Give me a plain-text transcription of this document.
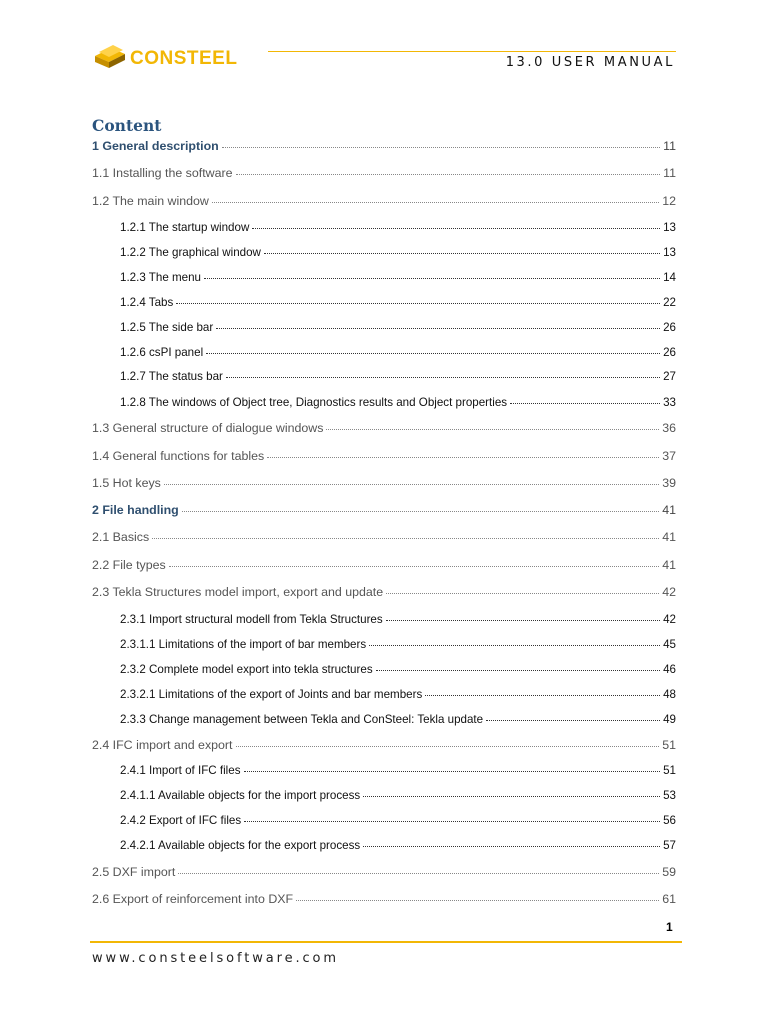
CONSTEEL	13.0 USER MANUAL
Content
1 General description	11
1.1 Installing the software	11
1.2 The main window	12
1.2.1 The startup window	13
1.2.2 The graphical window	13
1.2.3 The menu	14
1.2.4 Tabs	22
1.2.5 The side bar	26
1.2.6 csPI panel	26
1.2.7 The status bar	27
1.2.8 The windows of Object tree, Diagnostics results and Object properties	33
1.3 General structure of dialogue windows	36
1.4 General functions for tables	37
1.5 Hot keys	39
2 File handling	41
2.1 Basics	41
2.2 File types	41
2.3 Tekla Structures model import, export and update	42
2.3.1 Import structural modell from Tekla Structures	42
2.3.1.1 Limitations of the import of bar members	45
2.3.2 Complete model export into tekla structures	46
2.3.2.1 Limitations of the export of Joints and bar members	48
2.3.3 Change management between Tekla and ConSteel: Tekla update	49
2.4 IFC import and export	51
2.4.1 Import of IFC files	51
2.4.1.1 Available objects for the import process	53
2.4.2 Export of IFC files	56
2.4.2.1 Available objects for the export process	57
2.5 DXF import	59
2.6 Export of reinforcement into DXF	61
1
www.consteelsoftware.com
